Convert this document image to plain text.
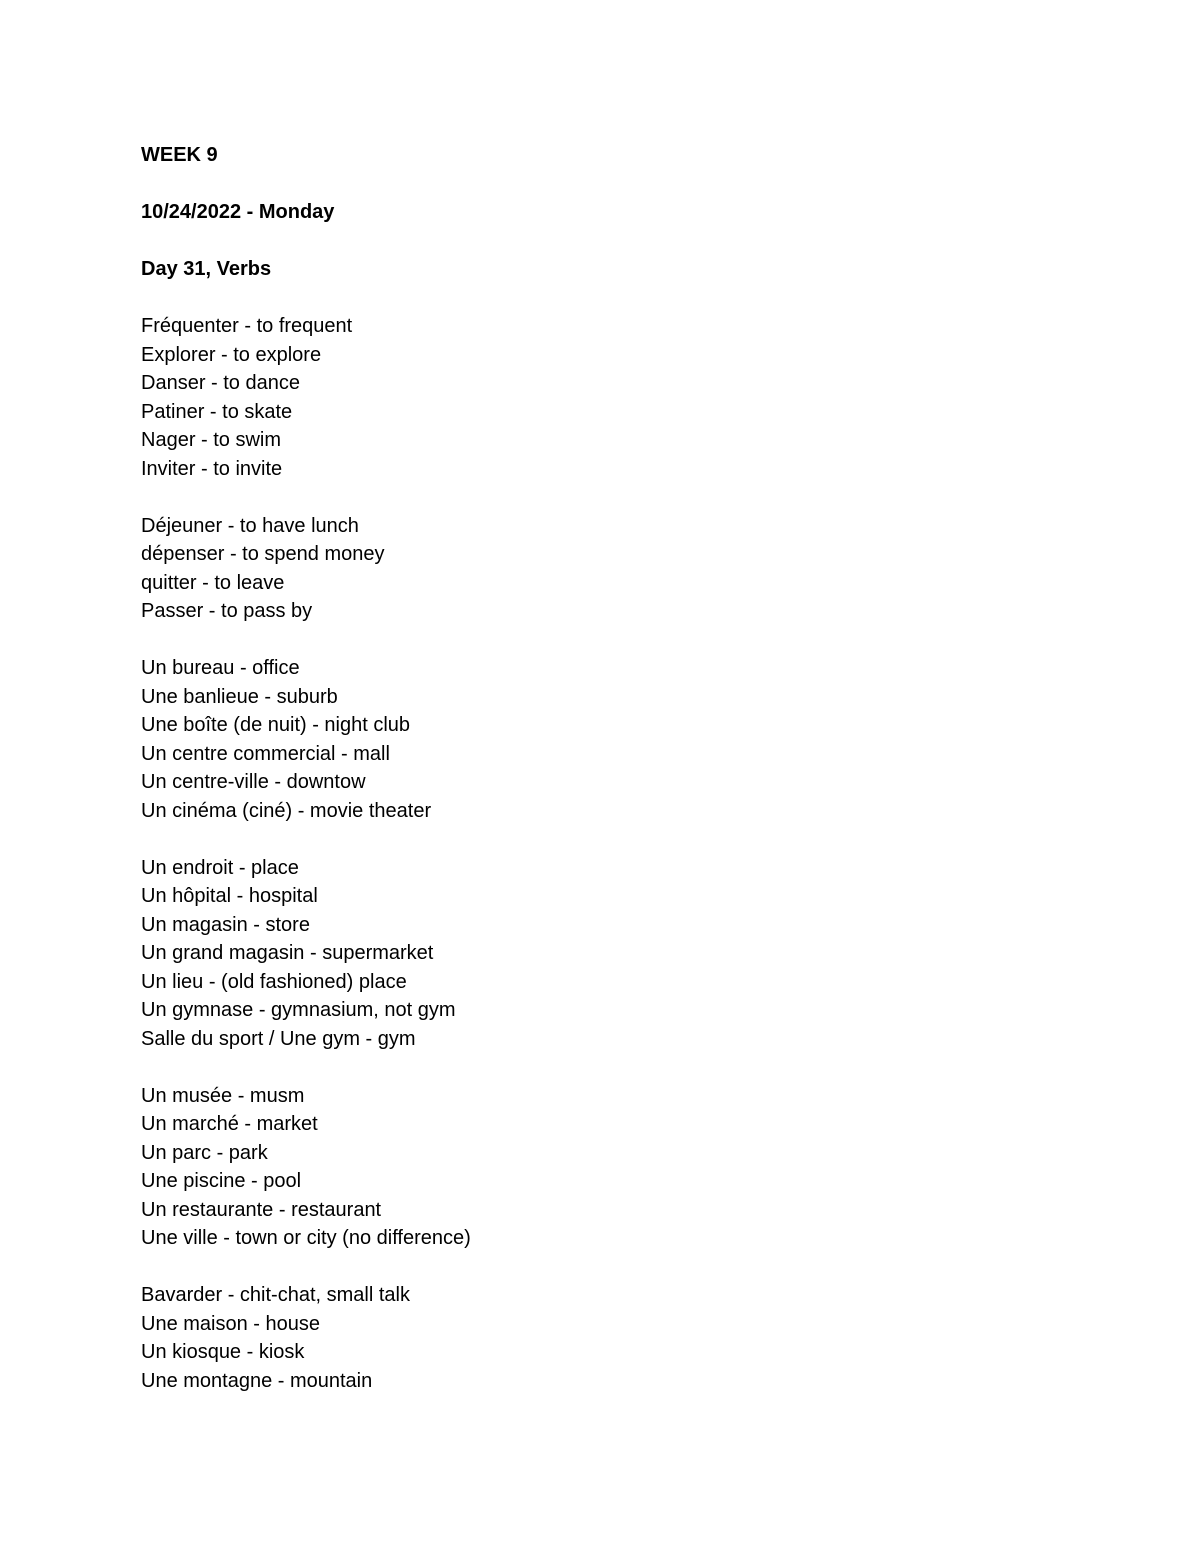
WEEK 9

10/24/2022 - Monday

Day 31, Verbs

Fréquenter - to frequent

Explorer - to explore

Danser - to dance

Patiner - to skate

Nager - to swim

Inviter - to invite

Déjeuner - to have lunch

dépenser - to spend money

quitter - to leave

Passer - to pass by

Un bureau - office

Une banlieue - suburb

Une boîte (de nuit) - night club

Un centre commercial - mall

Un centre-ville - downtow

Un cinéma (ciné) - movie theater

Un endroit - place

Un hôpital - hospital

Un magasin - store

Un grand magasin - supermarket

Un lieu - (old fashioned) place

Un gymnase - gymnasium, not gym

Salle du sport / Une gym - gym

Un musée - musm

Un marché - market

Un parc - park

Une piscine - pool

Un restaurante - restaurant

Une ville - town or city (no difference)

Bavarder - chit-chat, small talk

Une maison - house

Un kiosque - kiosk

Une montagne - mountain
